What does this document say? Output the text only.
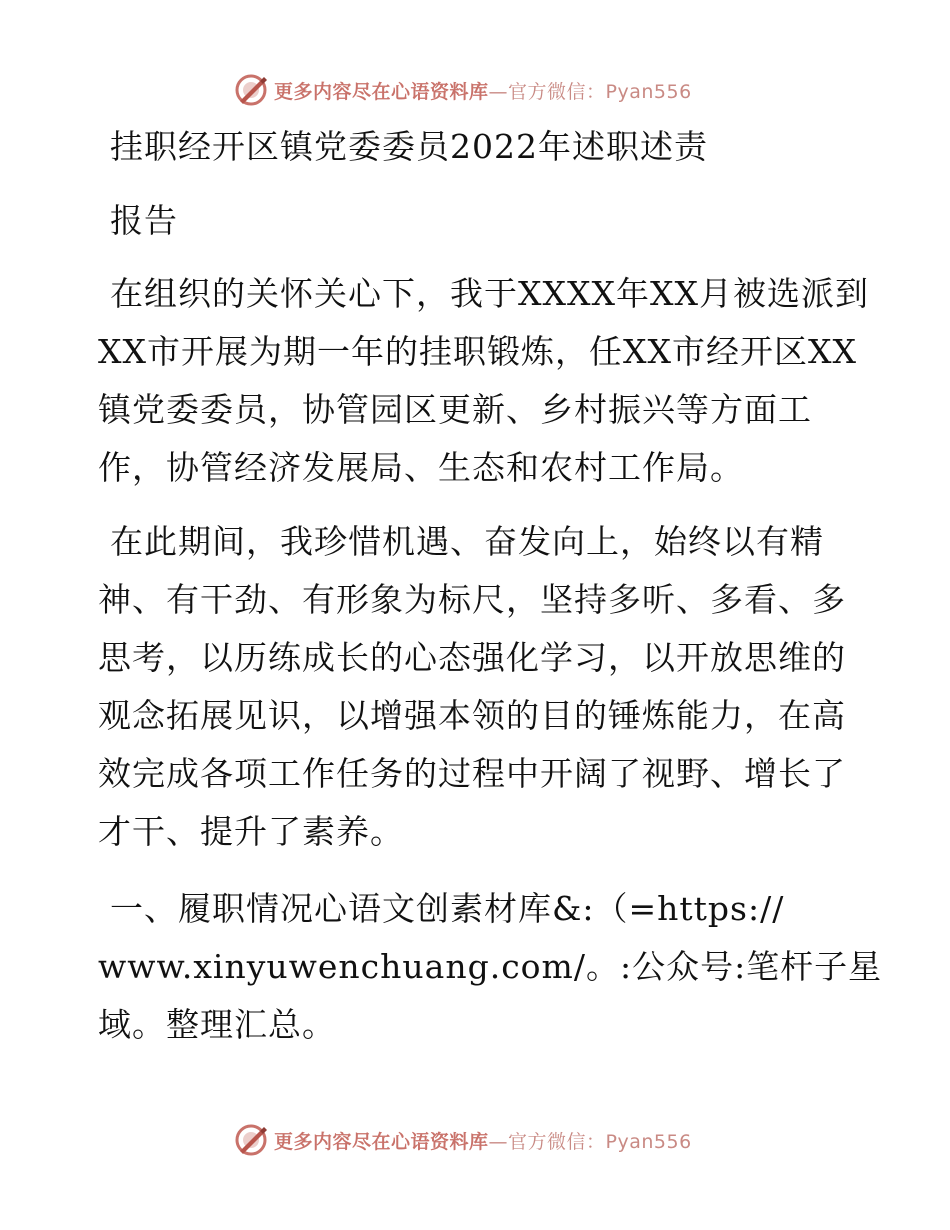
更多内容尽在心语资料库—官方微信：Pyan556
挂职经开区镇党委委员2022年述职述责
报告
在组织的关怀关心下，我于XXXX年XX月被选派到
XX市开展为期一年的挂职锻炼，任XX市经开区XX
镇党委委员，协管园区更新、乡村振兴等方面工
作，协管经济发展局、生态和农村工作局。
在此期间，我珍惜机遇、奋发向上，始终以有精
神、有干劲、有形象为标尺，坚持多听、多看、多
思考，以历练成长的心态强化学习，以开放思维的
观念拓展见识，以增强本领的目的锤炼能力，在高
效完成各项工作任务的过程中开阔了视野、增长了
才干、提升了素养。
一、履职情况心语文创素材库&:（=https://
www.xinyuwenchuang.com/。:公众号:笔杆子星
域。整理汇总。
更多内容尽在心语资料库—官方微信：Pyan556
